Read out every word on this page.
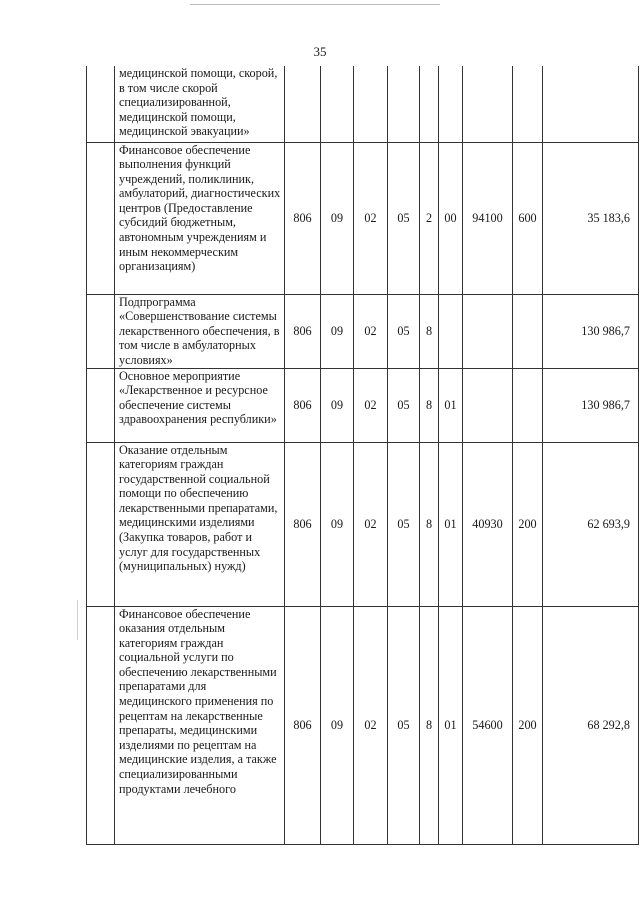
35
	медицинской помощи, скорой, в том числе скорой специализированной, медицинской помощи, медицинской эвакуации»									
	Финансовое обеспечение выполнения функций учреждений, поликлиник, амбулаторий, диагностических центров (Предоставление субсидий бюджетным, автономным учреждениям и иным некоммерческим организациям)	806	09	02	05	2	00	94100	600	35 183,6
	Подпрограмма «Совершенствование системы лекарственного обеспечения, в том числе в амбулаторных условиях»	806	09	02	05	8				130 986,7
	Основное мероприятие «Лекарственное и ресурсное обеспечение системы здравоохранения республики»	806	09	02	05	8	01			130 986,7
	Оказание отдельным категориям граждан государственной социальной помощи по обеспечению лекарственными препаратами, медицинскими изделиями (Закупка товаров, работ и услуг для государственных (муниципальных) нужд)	806	09	02	05	8	01	40930	200	62 693,9
	Финансовое обеспечение оказания отдельным категориям граждан социальной услуги по обеспечению лекарственными препаратами для медицинского применения по рецептам на лекарственные препараты, медицинскими изделиями по рецептам на медицинские изделия, а также специализированными продуктами лечебного	806	09	02	05	8	01	54600	200	68 292,8
